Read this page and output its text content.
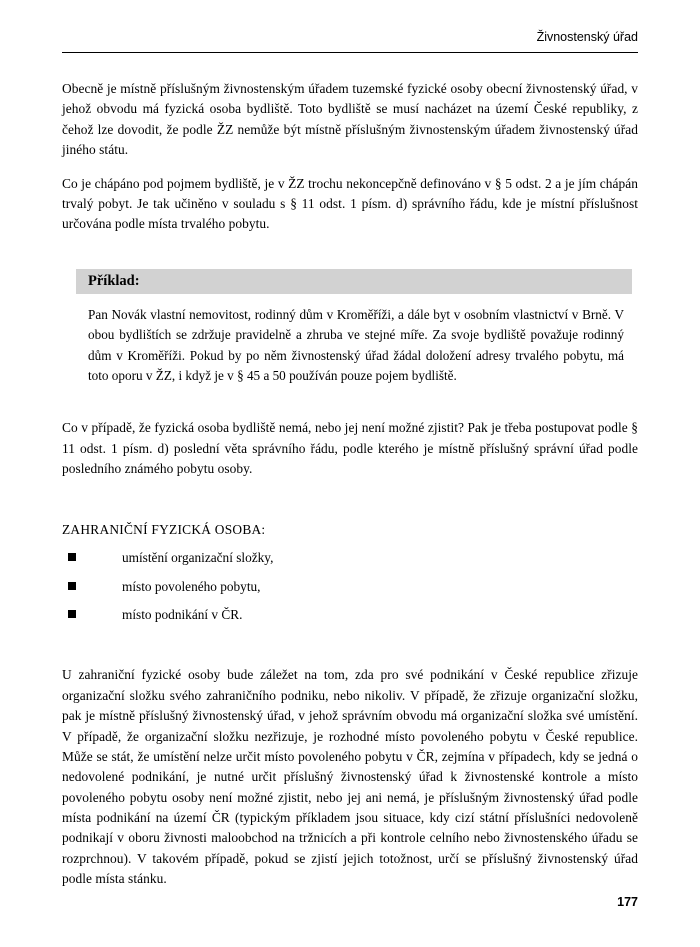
Živnostenský úřad

Obecně je místně příslušným živnostenským úřadem tuzemské fyzické osoby obecní živnostenský úřad, v jehož obvodu má fyzická osoba bydliště. Toto bydliště se musí nacházet na území České republiky, z čehož lze dovodit, že podle ŽZ nemůže být místně příslušným živnostenským úřadem živnostenský úřad jiného státu.

Co je chápáno pod pojmem bydliště, je v ŽZ trochu nekoncepčně definováno v § 5 odst. 2 a je jím chápán trvalý pobyt. Je tak učiněno v souladu s § 11 odst. 1 písm. d) správního řádu, kde je místní příslušnost určována podle místa trvalého pobytu.

Příklad:

Pan Novák vlastní nemovitost, rodinný dům v Kroměříži, a dále byt v osobním vlastnictví v Brně. V obou bydlištích se zdržuje pravidelně a zhruba ve stejné míře. Za svoje bydliště považuje rodinný dům v Kroměříži. Pokud by po něm živnostenský úřad žádal doložení adresy trvalého pobytu, má toto oporu v ŽZ, i když je v § 45 a 50 používán pouze pojem bydliště.

Co v případě, že fyzická osoba bydliště nemá, nebo jej není možné zjistit? Pak je třeba postupovat podle § 11 odst. 1 písm. d) poslední věta správního řádu, podle kterého je místně příslušný správní úřad podle posledního známého pobytu osoby.

ZAHRANIČNÍ FYZICKÁ OSOBA:
umístění organizační složky,
místo povoleného pobytu,
místo podnikání v ČR.

U zahraniční fyzické osoby bude záležet na tom, zda pro své podnikání v České republice zřizuje organizační složku svého zahraničního podniku, nebo nikoliv. V případě, že zřizuje organizační složku, pak je místně příslušný živnostenský úřad, v jehož správním obvodu má organizační složka své umístění. V případě, že organizační složku nezřizuje, je rozhodné místo povoleného pobytu v České republice. Může se stát, že umístění nelze určit místo povoleného pobytu v ČR, zejmína v případech, kdy se jedná o nedovolené podnikání, je nutné určit příslušný živnostenský úřad k živnostenské kontrole a místo povoleného pobytu osoby není možné zjistit, nebo jej ani nemá, je příslušným živnostenský úřad podle místa podnikání na území ČR (typickým příkladem jsou situace, kdy cizí státní příslušníci nedovoleně podnikají v oboru živnosti maloobchod na tržnicích a při kontrole celního nebo živnostenského úřadu se rozprchnou). V takovém případě, pokud se zjistí jejich totožnost, určí se příslušný živnostenský úřad podle místa stánku.

177
